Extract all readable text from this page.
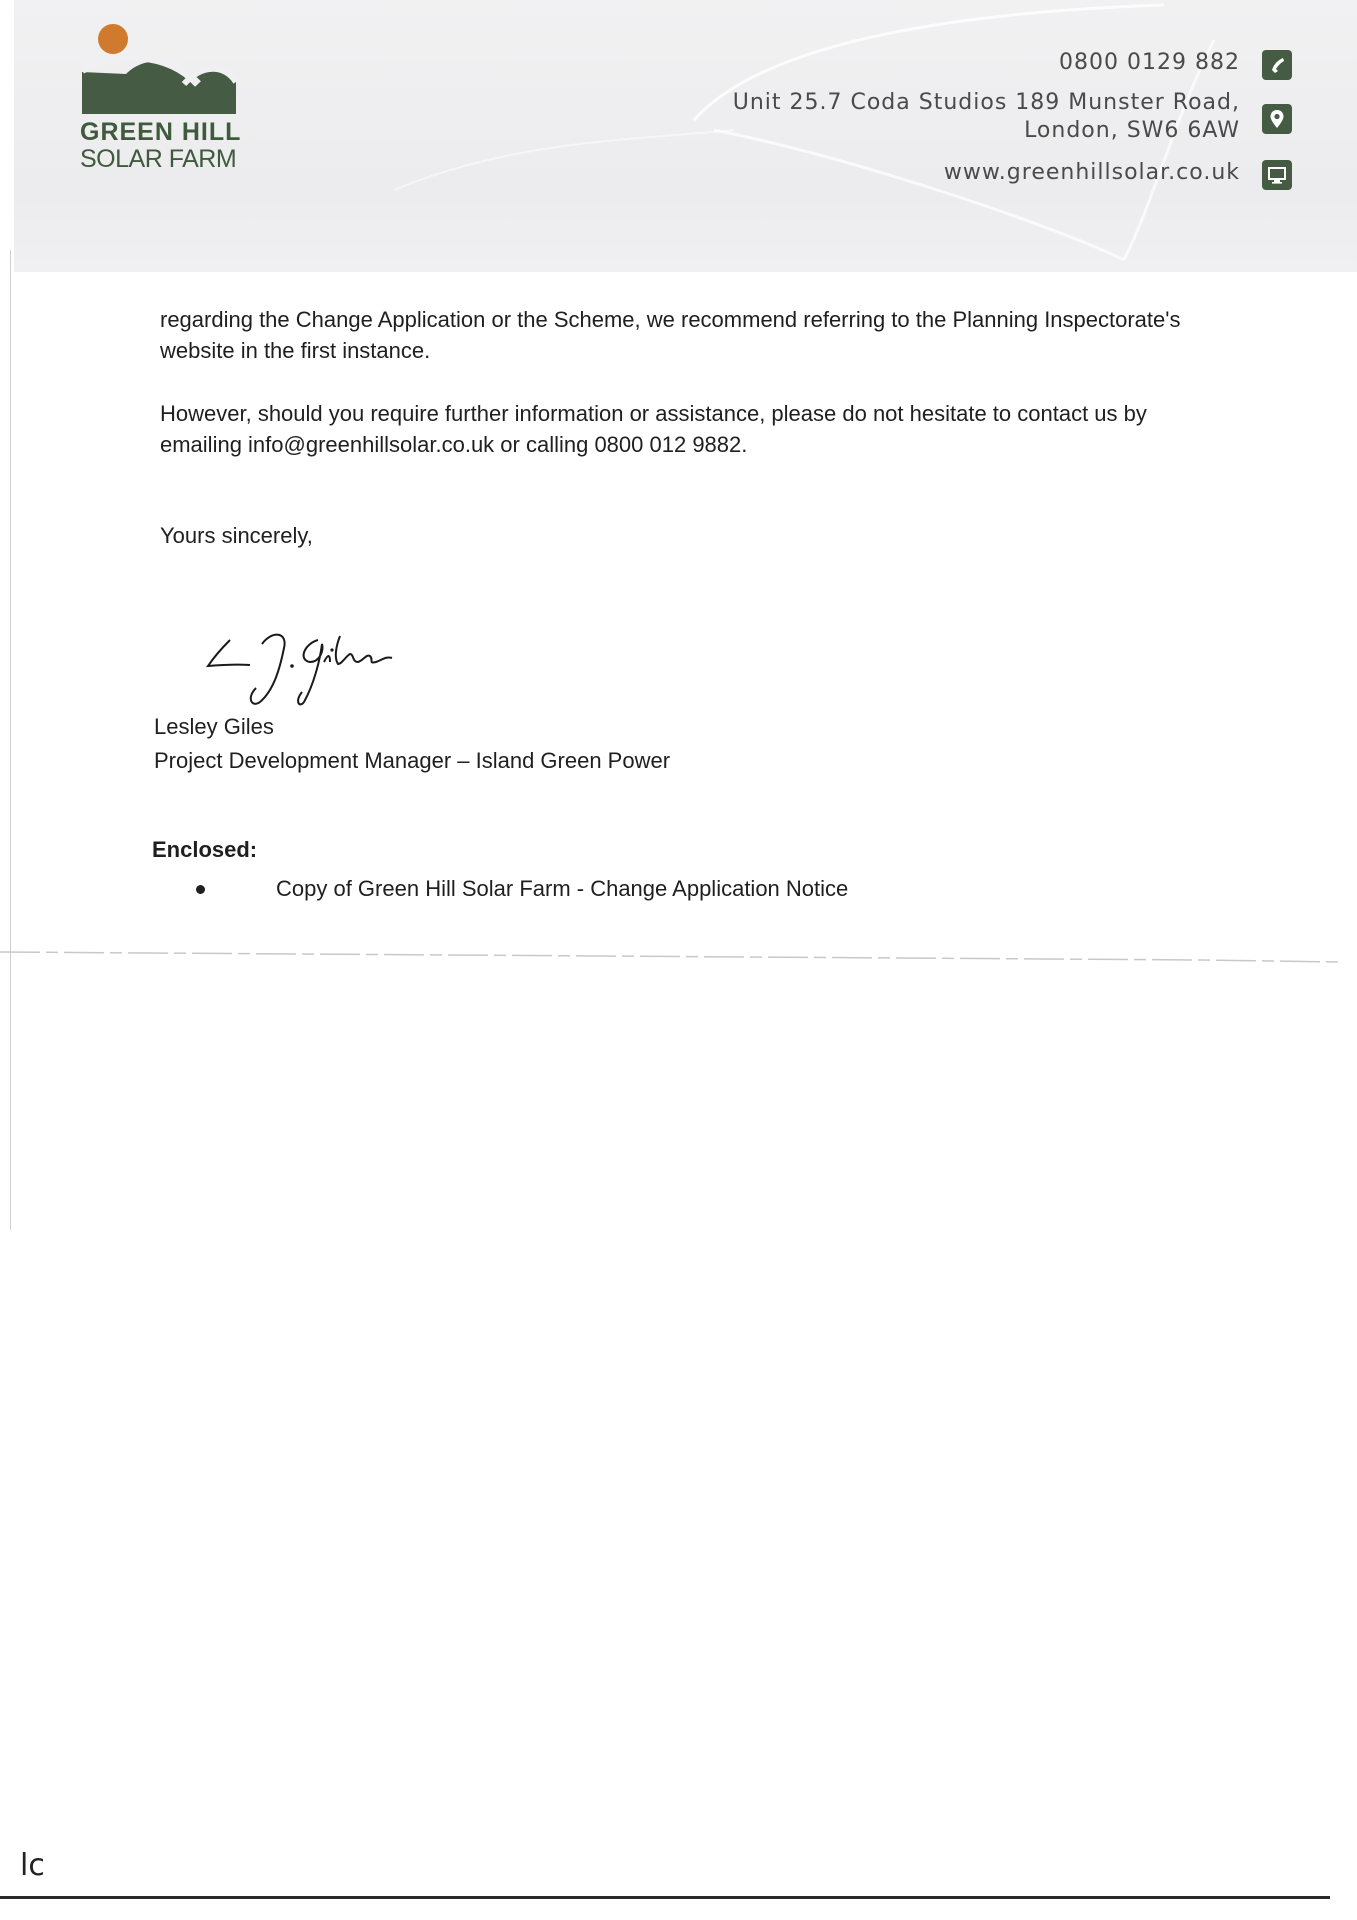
GREEN HILL
SOLAR FARM
0800 0129 882
Unit 25.7 Coda Studios 189 Munster Road,
London, SW6 6AW
www.greenhillsolar.co.uk
regarding the Change Application or the Scheme, we recommend referring to the Planning Inspectorate's website in the first instance.
However, should you require further information or assistance, please do not hesitate to contact us by emailing info@greenhillsolar.co.uk or calling 0800 012 9882.
Yours sincerely,
Lesley Giles
Project Development Manager – Island Green Power
Enclosed:
Copy of Green Hill Solar Farm - Change Application Notice
lc
